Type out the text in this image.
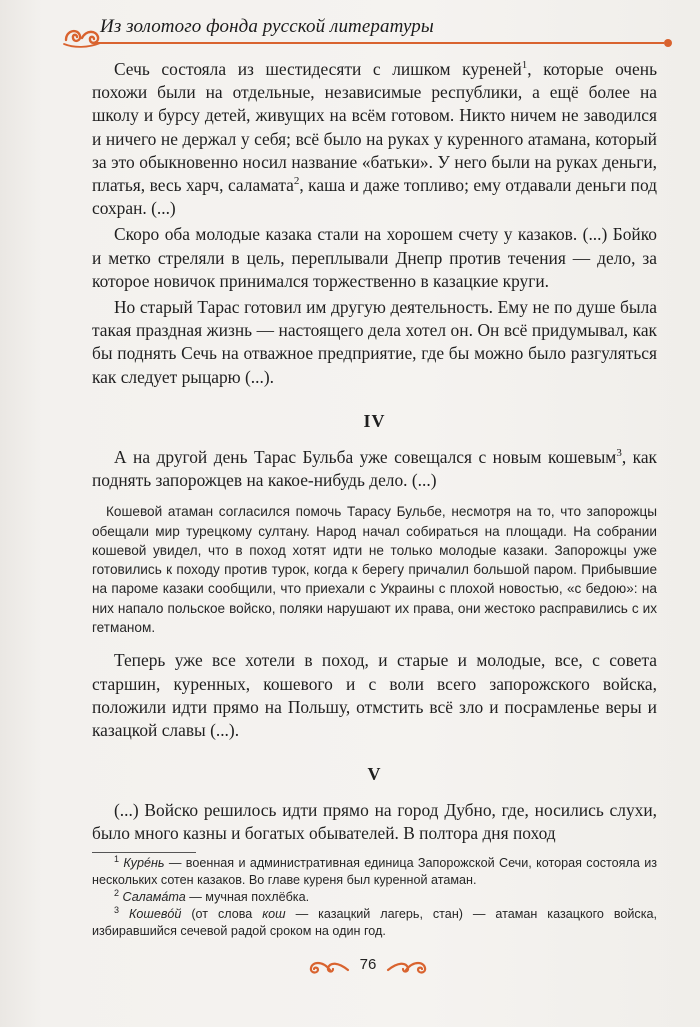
Из золотого фонда русской литературы

Сечь состояла из шестидесяти с лишком куреней$^1$, которые очень похожи были на отдельные, независимые республики, а ещё более на школу и бурсу детей, живущих на всём готовом. Никто ничем не заводился и ничего не держал у себя; всё было на руках у куренного атамана, который за это обыкновенно носил название «батьки». У него были на руках деньги, платья, весь харч, саламата$^2$, каша и даже топливо; ему отдавали деньги под сохран. (...)

Скоро оба молодые казака стали на хорошем счету у казаков. (...) Бойко и метко стреляли в цель, переплывали Днепр против течения — дело, за которое новичок принимался торжественно в казацкие круги.

Но старый Тарас готовил им другую деятельность. Ему не по душе была такая праздная жизнь — настоящего дела хотел он. Он всё придумывал, как бы поднять Сечь на отважное предприятие, где бы можно было разгуляться как следует рыцарю (...).

IV

А на другой день Тарас Бульба уже совещался с новым кошевым$^3$, как поднять запорожцев на какое-нибудь дело. (...)

Кошевой атаман согласился помочь Тарасу Бульбе, несмотря на то, что запорожцы обещали мир турецкому султану. Народ начал собираться на площади. На собрании кошевой увидел, что в поход хотят идти не только молодые казаки. Запорожцы уже готовились к походу против турок, когда к берегу причалил большой паром. Прибывшие на пароме казаки сообщили, что приехали с Украины с плохой новостью, «с бедою»: на них напало польское войско, поляки нарушают их права, они жестоко расправились с их гетманом.

Теперь уже все хотели в поход, и старые и молодые, все, с совета старшин, куренных, кошевого и с воли всего запорожского войска, положили идти прямо на Польшу, отмстить всё зло и посрамленье веры и казацкой славы (...).

V

(...) Войско решилось идти прямо на город Дубно, где, носились слухи, было много казны и богатых обывателей. В полтора дня поход

$^1$ Курéнь — военная и административная единица Запорожской Сечи, которая состояла из нескольких сотен казаков. Во главе куреня был куренной атаман.

$^2$ Саламáта — мучная похлёбка.

$^3$ Кошевóй (от слова кош — казацкий лагерь, стан) — атаман казацкого войска, избиравшийся сечевой радой сроком на один год.

76
